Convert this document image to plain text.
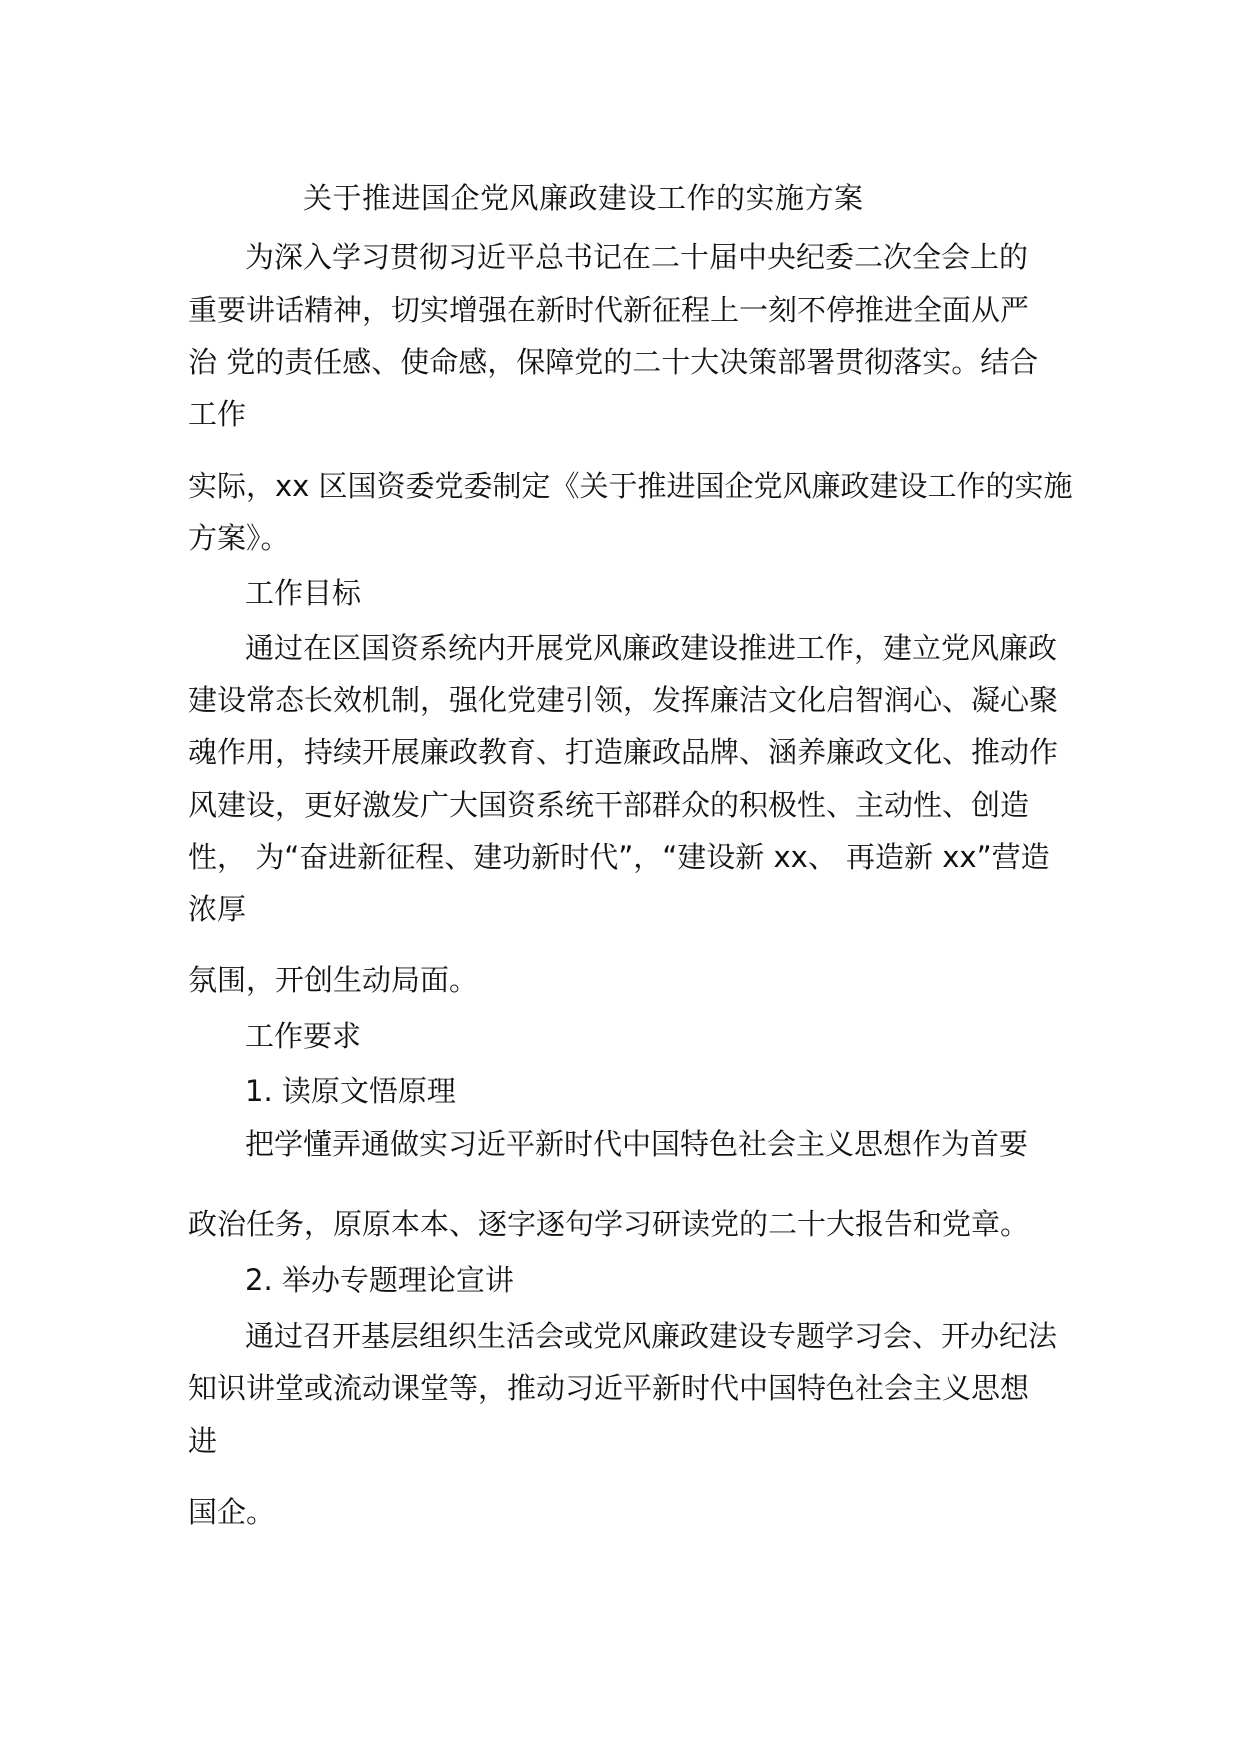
关于推进国企党风廉政建设工作的实施方案
为深入学习贯彻习近平总书记在二十届中央纪委二次全会上的
重要讲话精神，切实增强在新时代新征程上一刻不停推进全面从严
治 党的责任感、使命感，保障党的二十大决策部署贯彻落实。结合
工作
实际，xx 区国资委党委制定《关于推进国企党风廉政建设工作的实施
方案》。
工作目标
通过在区国资系统内开展党风廉政建设推进工作，建立党风廉政
建设常态长效机制，强化党建引领，发挥廉洁文化启智润心、凝心聚
魂作用，持续开展廉政教育、打造廉政品牌、涵养廉政文化、推动作
风建设，更好激发广大国资系统干部群众的积极性、主动性、创造
性， 为“奋进新征程、建功新时代”，“建设新 xx、 再造新 xx”营造
浓厚
氛围，开创生动局面。
工作要求
1. 读原文悟原理
把学懂弄通做实习近平新时代中国特色社会主义思想作为首要
政治任务，原原本本、逐字逐句学习研读党的二十大报告和党章。
2. 举办专题理论宣讲
通过召开基层组织生活会或党风廉政建设专题学习会、开办纪法
知识讲堂或流动课堂等，推动习近平新时代中国特色社会主义思想
进
国企。
